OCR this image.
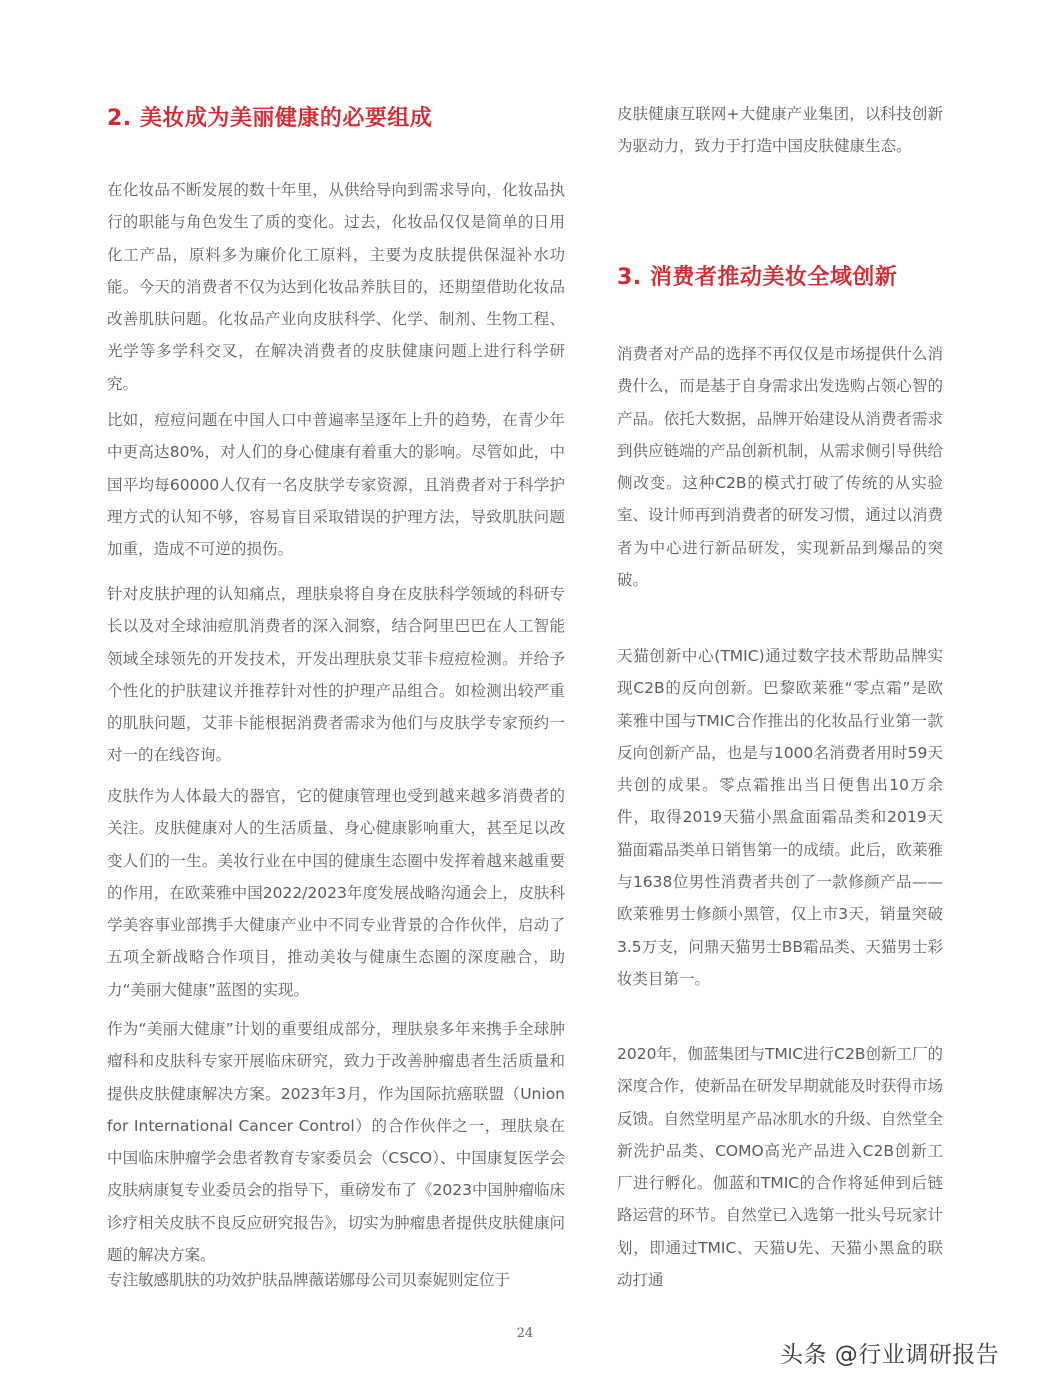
2. 美妆成为美丽健康的必要组成

在化妆品不断发展的数十年里，从供给导向到需求导向，化妆品执行的职能与角色发生了质的变化。过去，化妆品仅仅是简单的日用化工产品，原料多为廉价化工原料，主要为皮肤提供保湿补水功能。今天的消费者不仅为达到化妆品养肤目的，还期望借助化妆品改善肌肤问题。化妆品产业向皮肤科学、化学、制剂、生物工程、光学等多学科交叉，在解决消费者的皮肤健康问题上进行科学研究。

比如，痘痘问题在中国人口中普遍率呈逐年上升的趋势，在青少年中更高达80%，对人们的身心健康有着重大的影响。尽管如此，中国平均每60000人仅有一名皮肤学专家资源，且消费者对于科学护理方式的认知不够，容易盲目采取错误的护理方法，导致肌肤问题加重，造成不可逆的损伤。

针对皮肤护理的认知痛点，理肤泉将自身在皮肤科学领域的科研专长以及对全球油痘肌消费者的深入洞察，结合阿里巴巴在人工智能领域全球领先的开发技术，开发出理肤泉艾菲卡痘痘检测。并给予个性化的护肤建议并推荐针对性的护理产品组合。如检测出较严重的肌肤问题，艾菲卡能根据消费者需求为他们与皮肤学专家预约一对一的在线咨询。

皮肤作为人体最大的器官，它的健康管理也受到越来越多消费者的关注。皮肤健康对人的生活质量、身心健康影响重大，甚至足以改变人们的一生。美妆行业在中国的健康生态圈中发挥着越来越重要的作用，在欧莱雅中国2022/2023年度发展战略沟通会上，皮肤科学美容事业部携手大健康产业中不同专业背景的合作伙伴，启动了五项全新战略合作项目，推动美妆与健康生态圈的深度融合，助力“美丽大健康”蓝图的实现。

作为“美丽大健康”计划的重要组成部分，理肤泉多年来携手全球肿瘤科和皮肤科专家开展临床研究，致力于改善肿瘤患者生活质量和提供皮肤健康解决方案。2023年3月，作为国际抗癌联盟（Union for International Cancer Control）的合作伙伴之一，理肤泉在中国临床肿瘤学会患者教育专家委员会（CSCO）、中国康复医学会皮肤病康复专业委员会的指导下，重磅发布了《2023中国肿瘤临床诊疗相关皮肤不良反应研究报告》，切实为肿瘤患者提供皮肤健康问题的解决方案。

专注敏感肌肤的功效护肤品牌薇诺娜母公司贝泰妮则定位于

皮肤健康互联网+大健康产业集团，以科技创新为驱动力，致力于打造中国皮肤健康生态。

3. 消费者推动美妆全域创新

消费者对产品的选择不再仅仅是市场提供什么消费什么，而是基于自身需求出发选购占领心智的产品。依托大数据，品牌开始建设从消费者需求到供应链端的产品创新机制，从需求侧引导供给侧改变。这种C2B的模式打破了传统的从实验室、设计师再到消费者的研发习惯，通过以消费者为中心进行新品研发，实现新品到爆品的突破。

天猫创新中心(TMIC)通过数字技术帮助品牌实现C2B的反向创新。巴黎欧莱雅“零点霜”是欧莱雅中国与TMIC合作推出的化妆品行业第一款反向创新产品，也是与1000名消费者用时59天共创的成果。零点霜推出当日便售出10万余件，取得2019天猫小黑盒面霜品类和2019天猫面霜品类单日销售第一的成绩。此后，欧莱雅与1638位男性消费者共创了一款修颜产品——欧莱雅男士修颜小黑管，仅上市3天，销量突破3.5万支，问鼎天猫男士BB霜品类、天猫男士彩妆类目第一。

2020年，伽蓝集团与TMIC进行C2B创新工厂的深度合作，使新品在研发早期就能及时获得市场反馈。自然堂明星产品冰肌水的升级、自然堂全新洗护品类、COMO高光产品进入C2B创新工厂进行孵化。伽蓝和TMIC的合作将延伸到后链路运营的环节。自然堂已入选第一批头号玩家计划，即通过TMIC、天猫U先、天猫小黑盒的联动打通

24
头条 @行业调研报告
